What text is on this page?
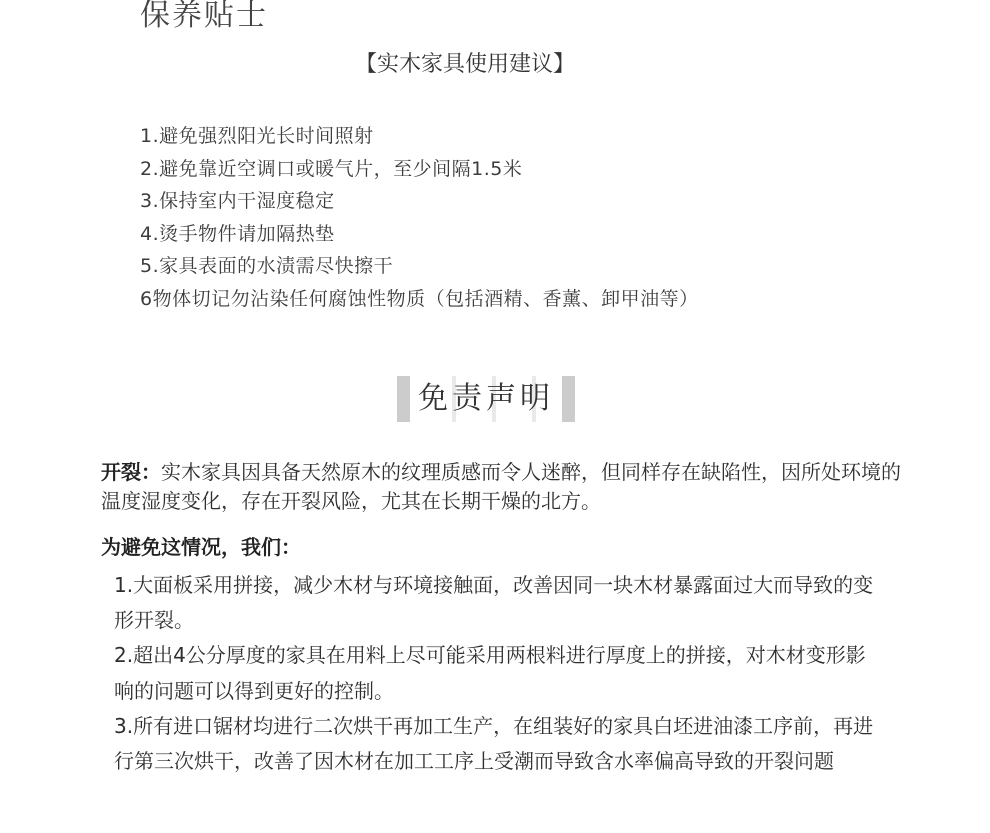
保养贴士
【实木家具使用建议】
1.避免强烈阳光长时间照射
2.避免靠近空调口或暖气片，至少间隔1.5米
3.保持室内干湿度稳定
4.烫手物件请加隔热垫
5.家具表面的水渍需尽快擦干
6物体切记勿沾染任何腐蚀性物质（包括酒精、香薰、卸甲油等）
免责声明
开裂：实木家具因具备天然原木的纹理质感而令人迷醉，但同样存在缺陷性，因所处环境的温度湿度变化，存在开裂风险，尤其在长期干燥的北方。
为避免这情况，我们：
1.大面板采用拼接，减少木材与环境接触面，改善因同一块木材暴露面过大而导致的变形开裂。
2.超出4公分厚度的家具在用料上尽可能采用两根料进行厚度上的拼接，对木材变形影响的问题可以得到更好的控制。
3.所有进口锯材均进行二次烘干再加工生产，在组装好的家具白坯进油漆工序前，再进行第三次烘干，改善了因木材在加工工序上受潮而导致含水率偏高导致的开裂问题
